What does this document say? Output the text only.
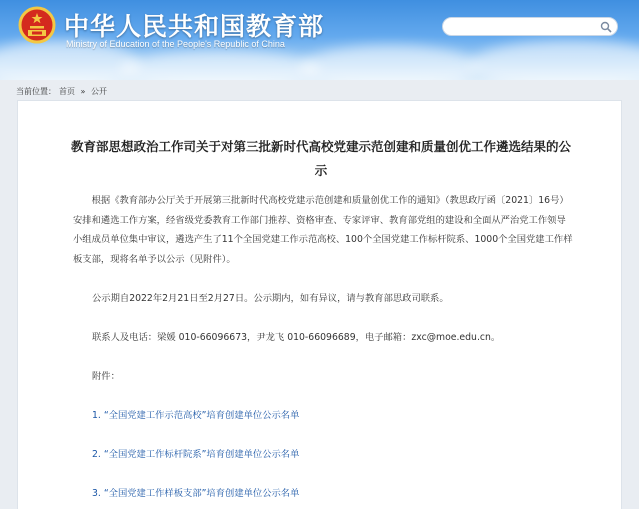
中华人民共和国教育部
Ministry of Education of the People's Republic of China
当前位置： 首页 » 公开
教育部思想政治工作司关于对第三批新时代高校党建示范创建和质量创优工作遴选结果的公示
根据《教育部办公厅关于开展第三批新时代高校党建示范创建和质量创优工作的通知》（教思政厅函〔2021〕16号）安排和遴选工作方案，经省级党委教育工作部门推荐、资格审查、专家评审、教育部党组的建设和全面从严治党工作领导小组成员单位集中审议，遴选产生了11个全国党建工作示范高校、100个全国党建工作标杆院系、1000个全国党建工作样板支部，现将名单予以公示（见附件）。
公示期自2022年2月21日至2月27日。公示期内，如有异议，请与教育部思政司联系。
联系人及电话：梁媛 010-66096673，尹龙飞 010-66096689，电子邮箱：zxc@moe.edu.cn。
附件：
1. “全国党建工作示范高校”培育创建单位公示名单
2. “全国党建工作标杆院系”培育创建单位公示名单
3. “全国党建工作样板支部”培育创建单位公示名单
